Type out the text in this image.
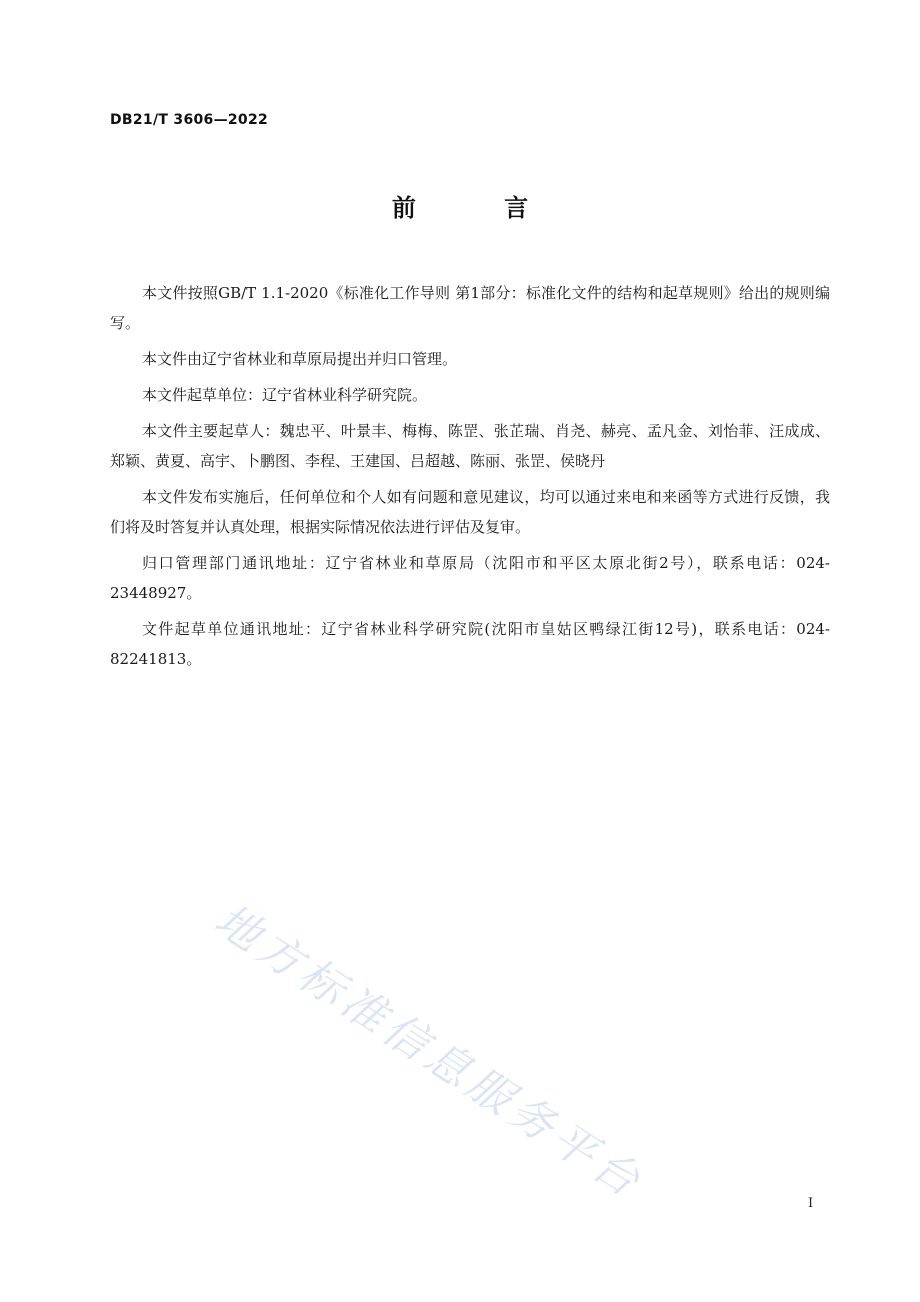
DB21/T 3606—2022
前 言

本文件按照GB/T 1.1-2020《标准化工作导则 第1部分：标准化文件的结构和起草规则》给出的规则编写。

本文件由辽宁省林业和草原局提出并归口管理。

本文件起草单位：辽宁省林业科学研究院。

本文件主要起草人：魏忠平、叶景丰、梅梅、陈罡、张芷瑞、肖尧、赫亮、孟凡金、刘怡菲、汪成成、郑颖、黄夏、高宇、卜鹏图、李程、王建国、吕超越、陈丽、张罡、侯晓丹

本文件发布实施后，任何单位和个人如有问题和意见建议，均可以通过来电和来函等方式进行反馈，我们将及时答复并认真处理，根据实际情况依法进行评估及复审。

归口管理部门通讯地址：辽宁省林业和草原局（沈阳市和平区太原北街2号），联系电话：024-23448927。

文件起草单位通讯地址：辽宁省林业科学研究院(沈阳市皇姑区鸭绿江街12号)，联系电话：024-82241813。

地方标准信息服务平台	I
